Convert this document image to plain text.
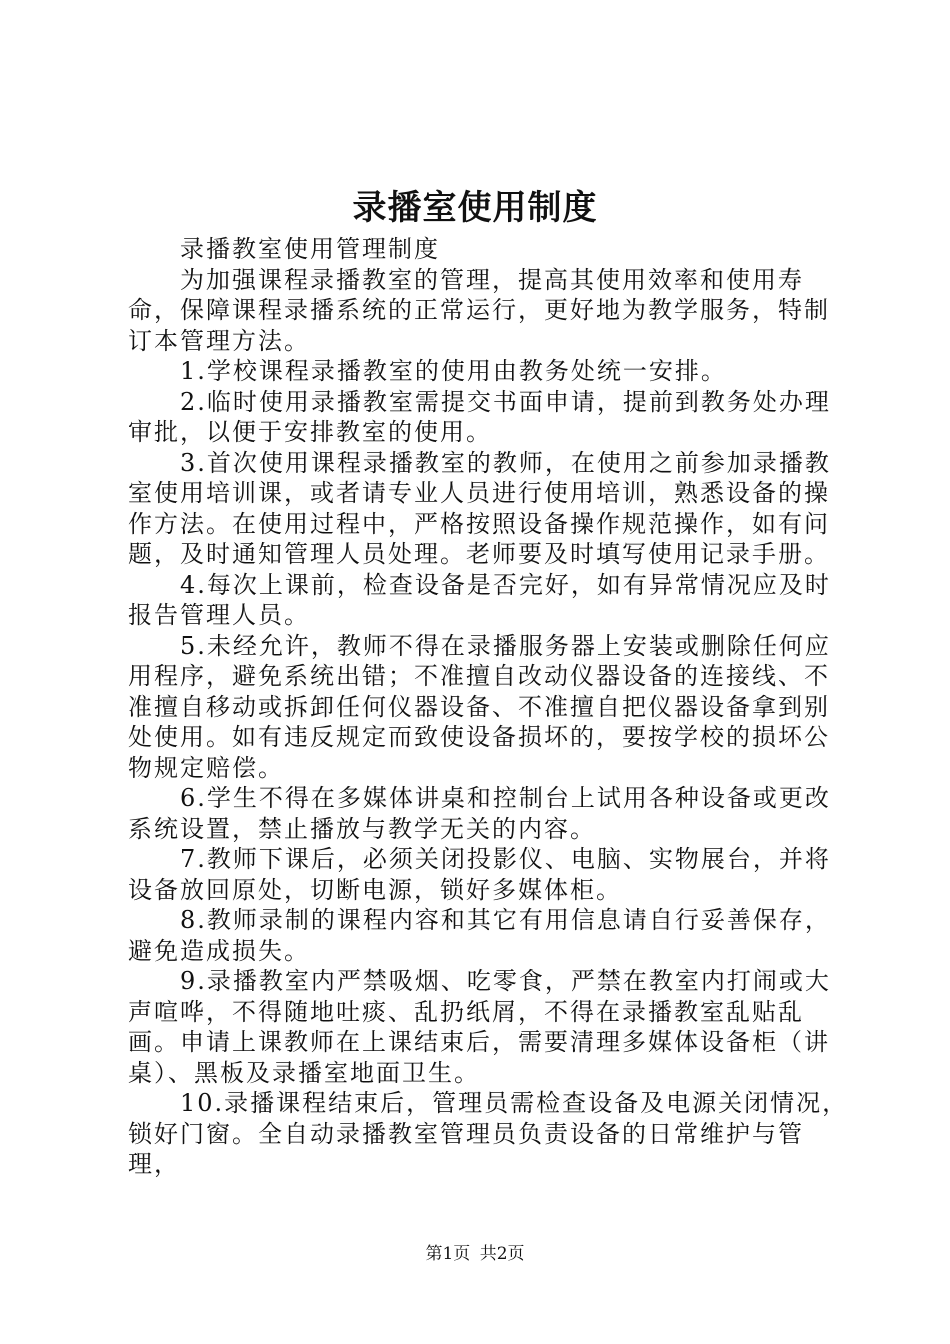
录播室使用制度

录播教室使用管理制度

为加强课程录播教室的管理，提高其使用效率和使用寿命，保障课程录播系统的正常运行，更好地为教学服务，特制订本管理方法。

1.学校课程录播教室的使用由教务处统一安排。

2.临时使用录播教室需提交书面申请，提前到教务处办理审批，以便于安排教室的使用。

3.首次使用课程录播教室的教师，在使用之前参加录播教室使用培训课，或者请专业人员进行使用培训，熟悉设备的操作方法。在使用过程中，严格按照设备操作规范操作，如有问题，及时通知管理人员处理。老师要及时填写使用记录手册。

4.每次上课前，检查设备是否完好，如有异常情况应及时报告管理人员。

5.未经允许，教师不得在录播服务器上安装或删除任何应用程序，避免系统出错；不准擅自改动仪器设备的连接线、不准擅自移动或拆卸任何仪器设备、不准擅自把仪器设备拿到别处使用。如有违反规定而致使设备损坏的，要按学校的损坏公物规定赔偿。

6.学生不得在多媒体讲桌和控制台上试用各种设备或更改系统设置，禁止播放与教学无关的内容。

7.教师下课后，必须关闭投影仪、电脑、实物展台，并将设备放回原处，切断电源，锁好多媒体柜。

8.教师录制的课程内容和其它有用信息请自行妥善保存，避免造成损失。

9.录播教室内严禁吸烟、吃零食，严禁在教室内打闹或大声喧哗，不得随地吐痰、乱扔纸屑，不得在录播教室乱贴乱画。申请上课教师在上课结束后，需要清理多媒体设备柜（讲桌）、黑板及录播室地面卫生。

10.录播课程结束后，管理员需检查设备及电源关闭情况，锁好门窗。全自动录播教室管理员负责设备的日常维护与管理，

第1页 共2页
